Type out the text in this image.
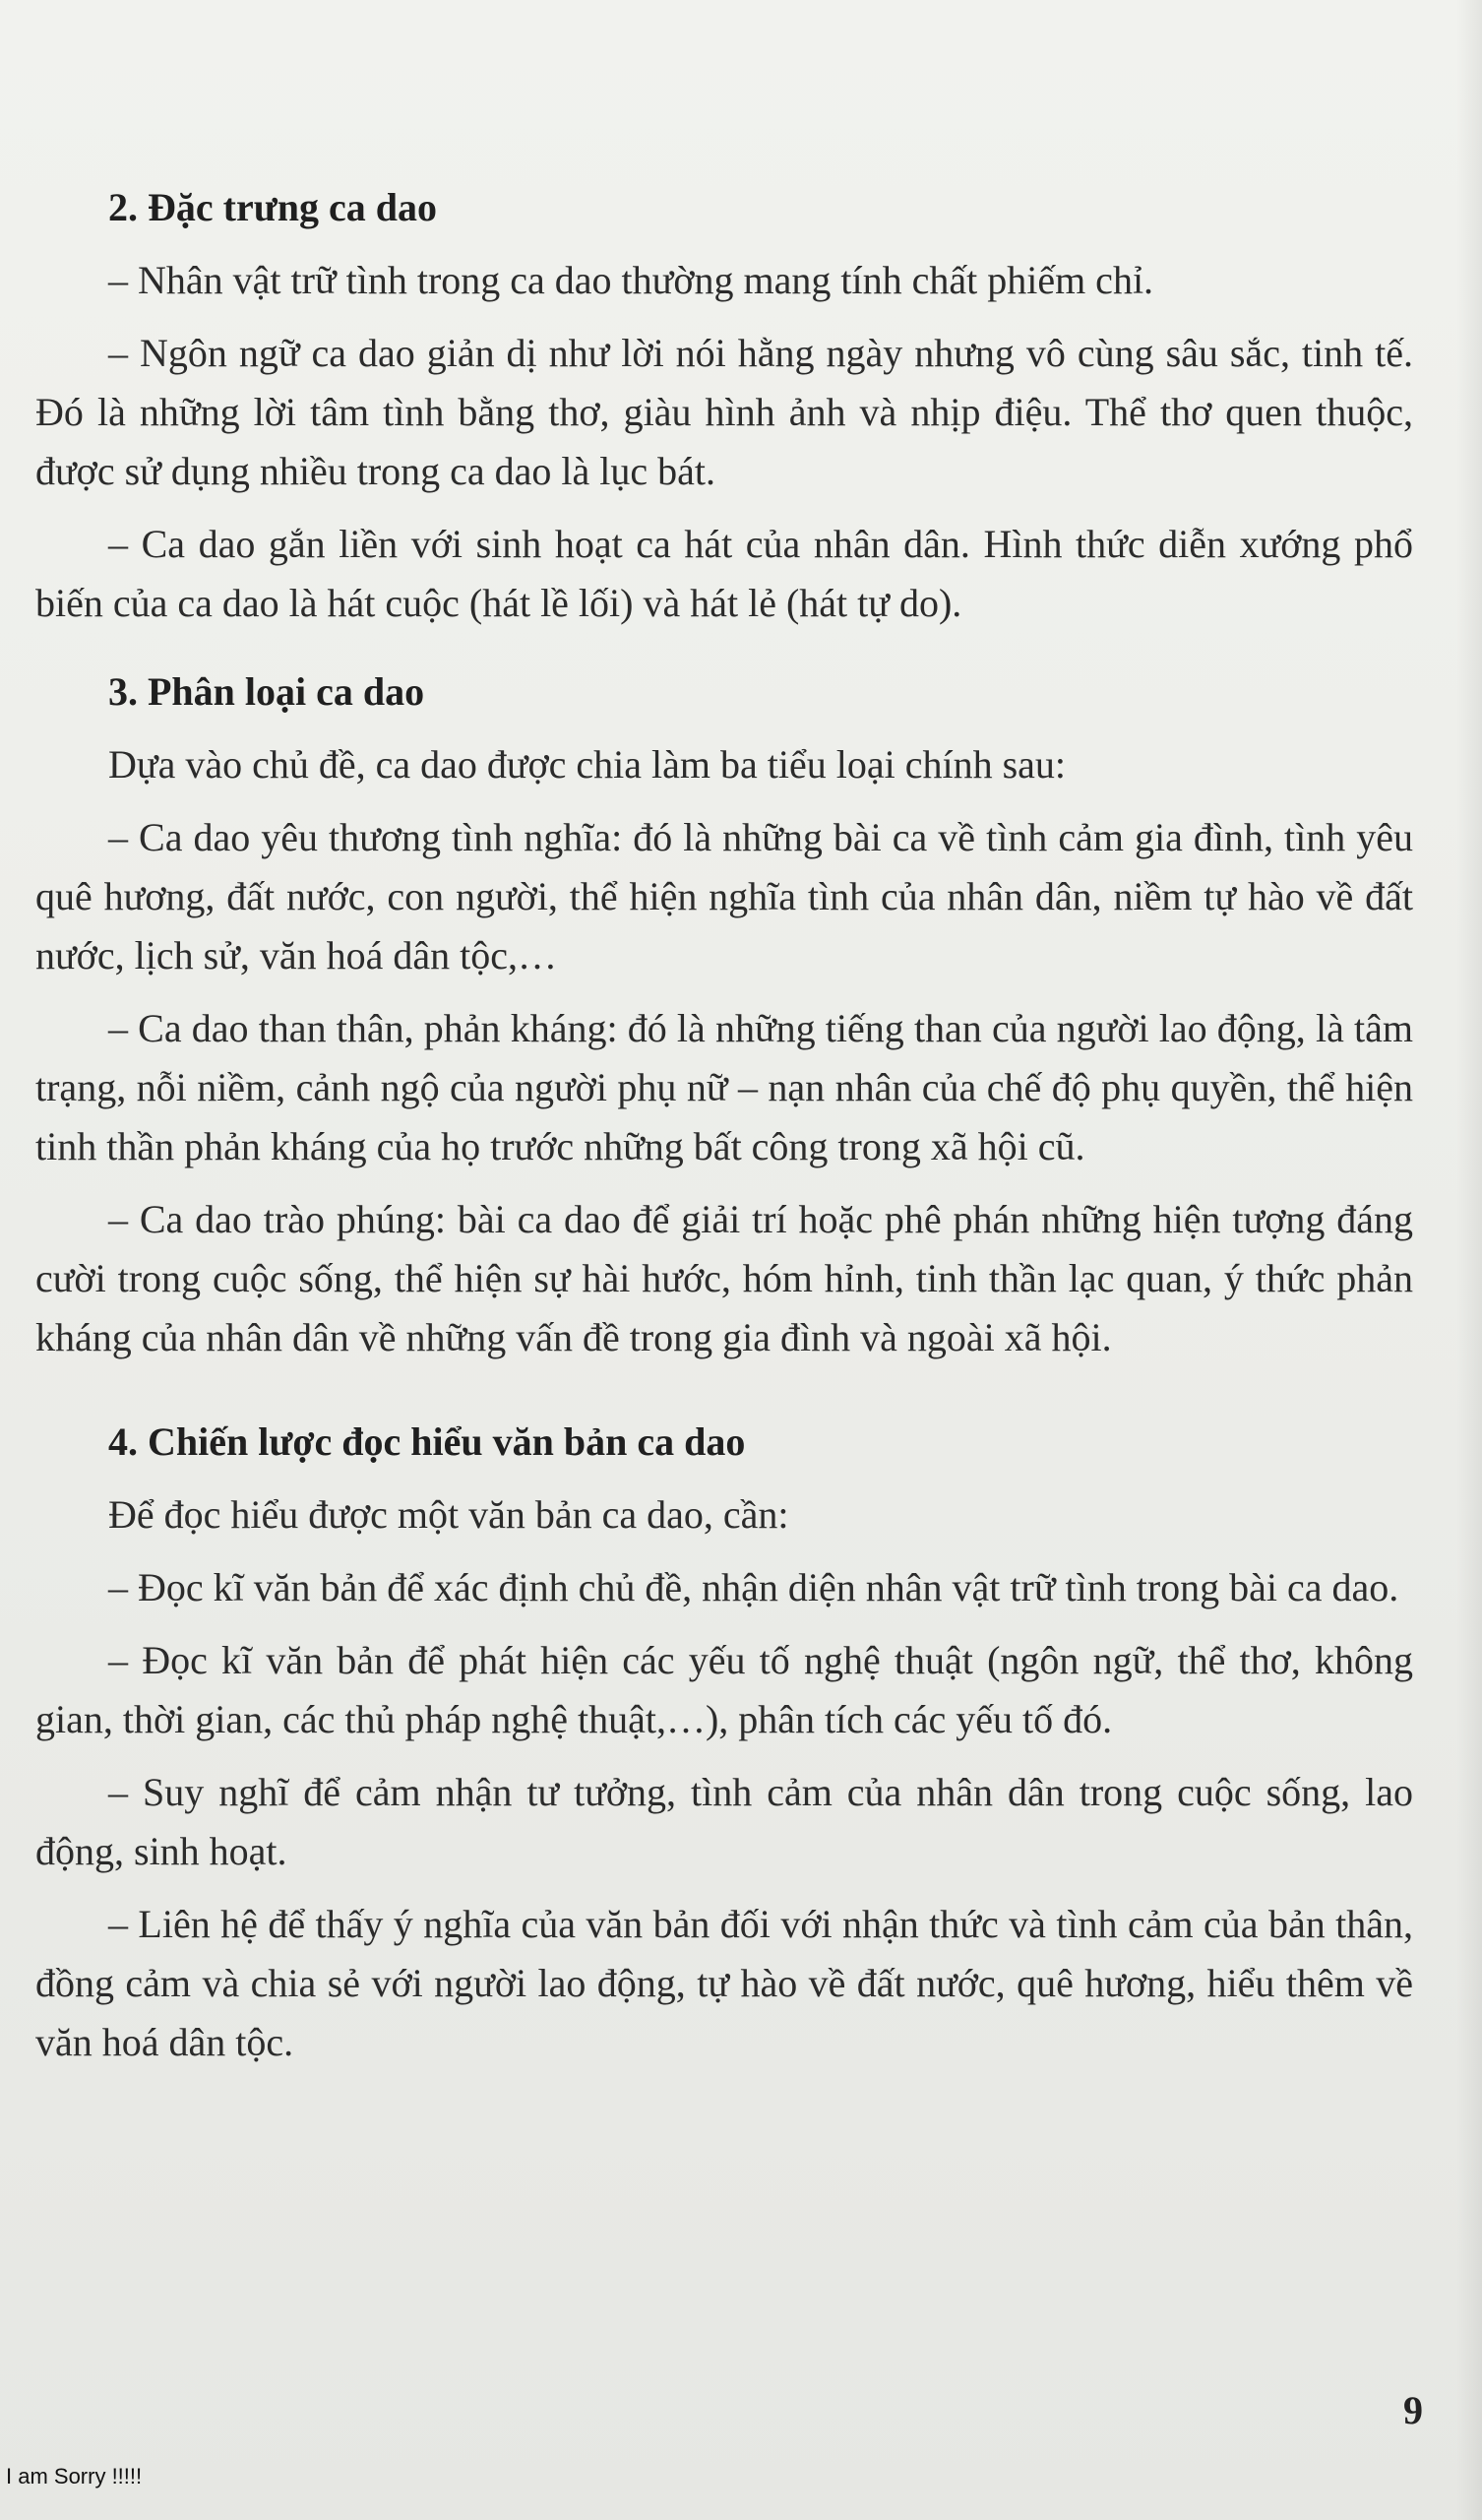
2. Đặc trưng ca dao

– Nhân vật trữ tình trong ca dao thường mang tính chất phiếm chỉ.

– Ngôn ngữ ca dao giản dị như lời nói hằng ngày nhưng vô cùng sâu sắc, tinh tế. Đó là những lời tâm tình bằng thơ, giàu hình ảnh và nhịp điệu. Thể thơ quen thuộc, được sử dụng nhiều trong ca dao là lục bát.

– Ca dao gắn liền với sinh hoạt ca hát của nhân dân. Hình thức diễn xướng phổ biến của ca dao là hát cuộc (hát lề lối) và hát lẻ (hát tự do).

3. Phân loại ca dao

Dựa vào chủ đề, ca dao được chia làm ba tiểu loại chính sau:

– Ca dao yêu thương tình nghĩa: đó là những bài ca về tình cảm gia đình, tình yêu quê hương, đất nước, con người, thể hiện nghĩa tình của nhân dân, niềm tự hào về đất nước, lịch sử, văn hoá dân tộc,…

– Ca dao than thân, phản kháng: đó là những tiếng than của người lao động, là tâm trạng, nỗi niềm, cảnh ngộ của người phụ nữ – nạn nhân của chế độ phụ quyền, thể hiện tinh thần phản kháng của họ trước những bất công trong xã hội cũ.

– Ca dao trào phúng: bài ca dao để giải trí hoặc phê phán những hiện tượng đáng cười trong cuộc sống, thể hiện sự hài hước, hóm hỉnh, tinh thần lạc quan, ý thức phản kháng của nhân dân về những vấn đề trong gia đình và ngoài xã hội.

4. Chiến lược đọc hiểu văn bản ca dao

Để đọc hiểu được một văn bản ca dao, cần:

– Đọc kĩ văn bản để xác định chủ đề, nhận diện nhân vật trữ tình trong bài ca dao.

– Đọc kĩ văn bản để phát hiện các yếu tố nghệ thuật (ngôn ngữ, thể thơ, không gian, thời gian, các thủ pháp nghệ thuật,…), phân tích các yếu tố đó.

– Suy nghĩ để cảm nhận tư tưởng, tình cảm của nhân dân trong cuộc sống, lao động, sinh hoạt.

– Liên hệ để thấy ý nghĩa của văn bản đối với nhận thức và tình cảm của bản thân, đồng cảm và chia sẻ với người lao động, tự hào về đất nước, quê hương, hiểu thêm về văn hoá dân tộc.

9
I am Sorry !!!!!
